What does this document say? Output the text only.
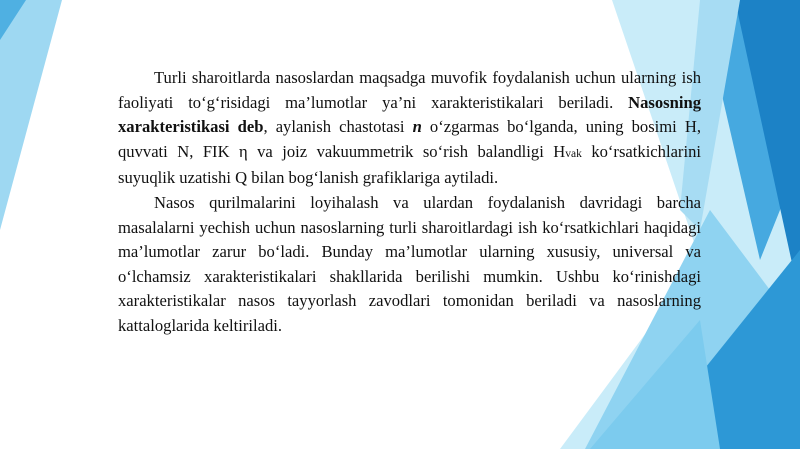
Turli sharoitlarda nasoslardan maqsadga muvofik foydalanish uchun ularning ish faoliyati to‘g‘risidagi ma’lumotlar ya’ni xarakteristikalari beriladi. Nasosning xarakteristikasi deb, aylanish chastotasi n o‘zgarmas bo‘lganda, uning bosimi H, quvvati N, FIK η va joiz vakuummetrik so‘rish balandligi Hvak ko‘rsatkichlarini suyuqlik uzatishi Q bilan bog‘lanish grafiklariga aytiladi.

Nasos qurilmalarini loyihalash va ulardan foydalanish davridagi barcha masalalarni yechish uchun nasoslarning turli sharoitlardagi ish ko‘rsatkichlari haqidagi ma’lumotlar zarur bo‘ladi. Bunday ma’lumotlar ularning xususiy, universal va o‘lchamsiz xarakteristikalari shakllarida berilishi mumkin. Ushbu ko‘rinishdagi xarakteristikalar nasos tayyorlash zavodlari tomonidan beriladi va nasoslarning kattaloglarida keltiriladi.
